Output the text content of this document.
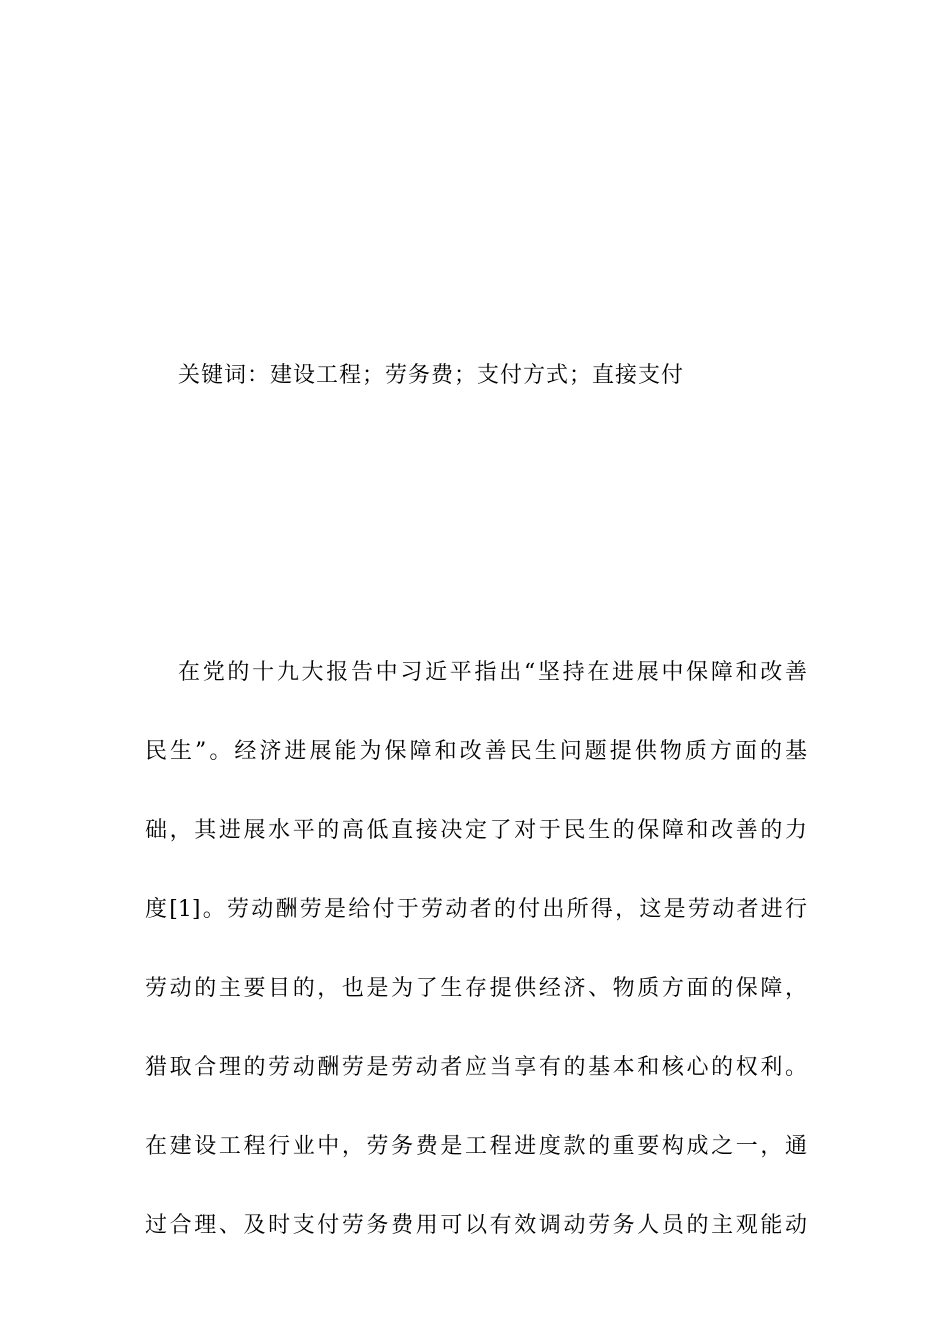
关键词：建设工程；劳务费；支付方式；直接支付
在党的十九大报告中习近平指出“坚持在进展中保障和改善
民生”。经济进展能为保障和改善民生问题提供物质方面的基
础，其进展水平的高低直接决定了对于民生的保障和改善的力
度[1]。劳动酬劳是给付于劳动者的付出所得，这是劳动者进行
劳动的主要目的，也是为了生存提供经济、物质方面的保障，
猎取合理的劳动酬劳是劳动者应当享有的基本和核心的权利。
在建设工程行业中，劳务费是工程进度款的重要构成之一，通
过合理、及时支付劳务费用可以有效调动劳务人员的主观能动
